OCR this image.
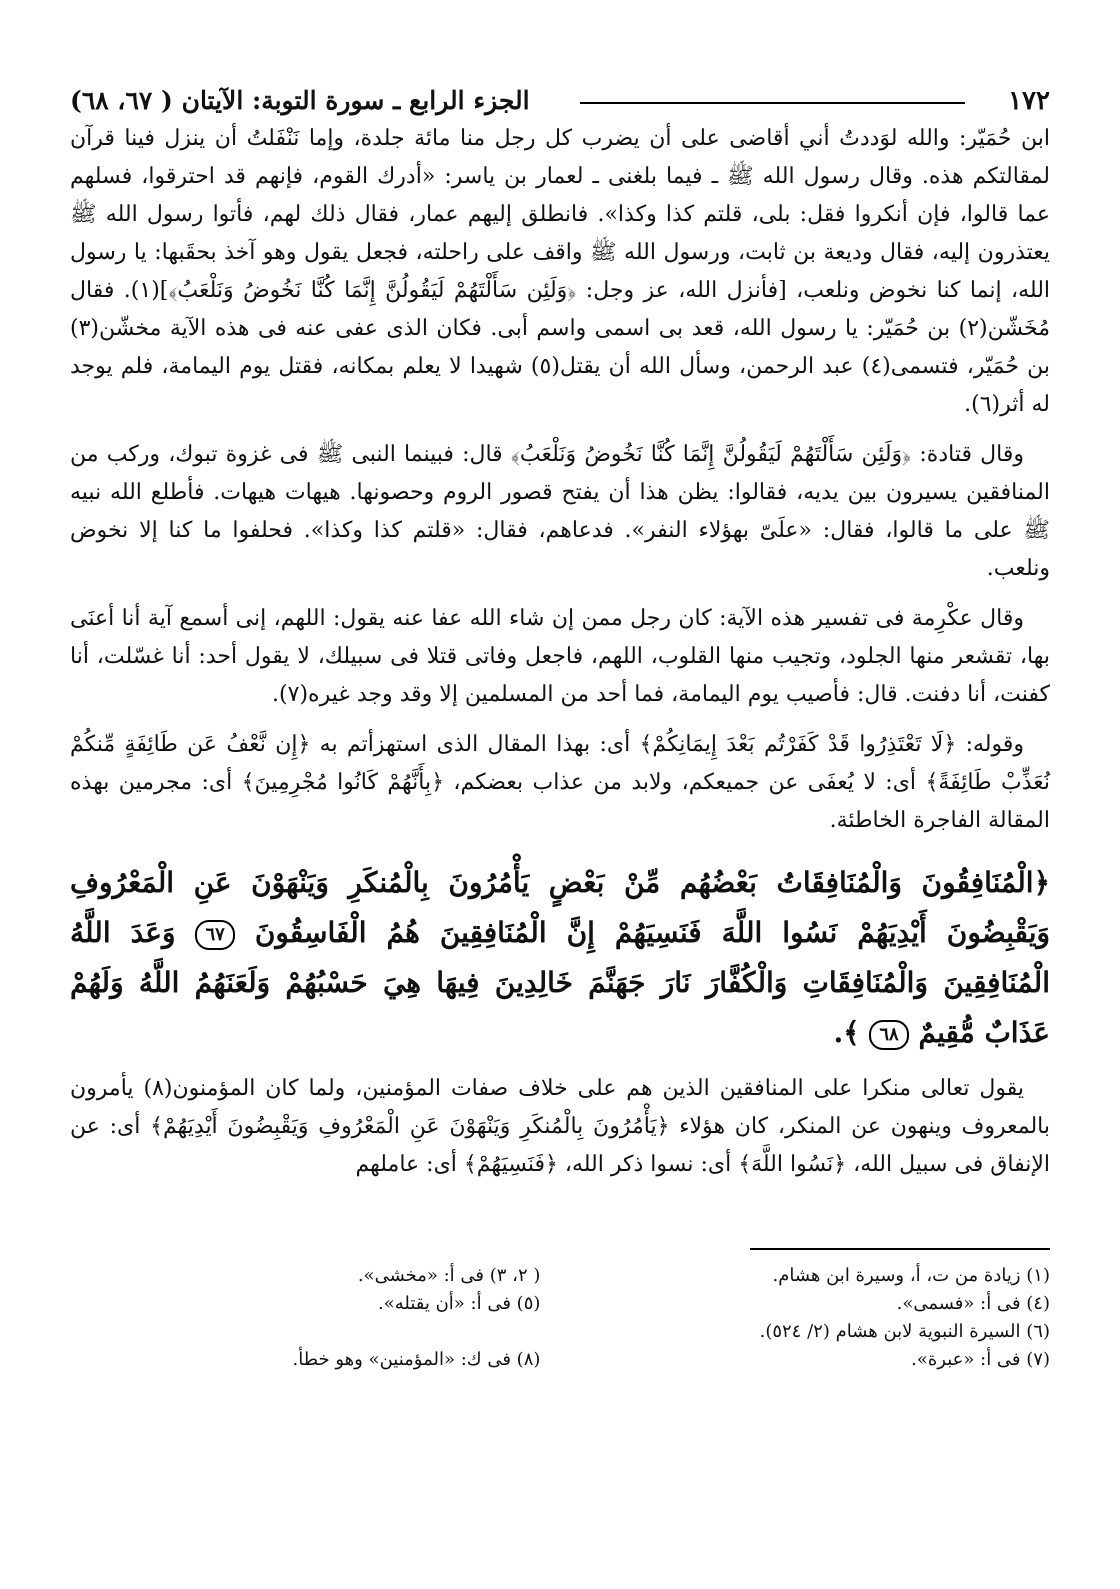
١٧٢
الجزء الرابع ـ سورة التوبة: الآيتان ( ٦٧، ٦٨)

ابن حُمَيّر: والله لوَددتُ أني أقاضى على أن يضرب كل رجل منا مائة جلدة، وإما نَنْفَلتُ أن ينزل فينا قرآن لمقالتكم هذه. وقال رسول الله ﷺ ـ فيما بلغنى ـ لعمار بن ياسر: «أدرك القوم، فإنهم قد احترقوا، فسلهم عما قالوا، فإن أنكروا فقل: بلى، قلتم كذا وكذا». فانطلق إليهم عمار، فقال ذلك لهم، فأتوا رسول الله ﷺ يعتذرون إليه، فقال وديعة بن ثابت، ورسول الله ﷺ واقف على راحلته، فجعل يقول وهو آخذ بحقَبها: يا رسول الله، إنما كنا نخوض ونلعب، [فأنزل الله، عز وجل: ﴿وَلَئِن سَأَلْتَهُمْ لَيَقُولُنَّ إِنَّمَا كُنَّا نَخُوضُ وَنَلْعَبُ﴾](١). فقال مُخَشّن(٢) بن حُمَيّر: يا رسول الله، قعد بى اسمى واسم أبى. فكان الذى عفى عنه فى هذه الآية مخشّن(٣) بن حُمَيّر، فتسمى(٤) عبد الرحمن، وسأل الله أن يقتل(٥) شهيدا لا يعلم بمكانه، فقتل يوم اليمامة، فلم يوجد له أثر(٦).

وقال قتادة: ﴿وَلَئِن سَأَلْتَهُمْ لَيَقُولُنَّ إِنَّمَا كُنَّا نَخُوضُ وَنَلْعَبُ﴾ قال: فبينما النبى ﷺ فى غزوة تبوك، وركب من المنافقين يسيرون بين يديه، فقالوا: يظن هذا أن يفتح قصور الروم وحصونها. هيهات هيهات. فأطلع الله نبيه ﷺ على ما قالوا، فقال: «علَىّ بهؤلاء النفر». فدعاهم، فقال: «قلتم كذا وكذا». فحلفوا ما كنا إلا نخوض ونلعب.

وقال عكْرِمة فى تفسير هذه الآية: كان رجل ممن إن شاء الله عفا عنه يقول: اللهم، إنى أسمع آية أنا أعنَى بها، تقشعر منها الجلود، وتجيب منها القلوب، اللهم، فاجعل وفاتى قتلا فى سبيلك، لا يقول أحد: أنا غسّلت، أنا كفنت، أنا دفنت. قال: فأصيب يوم اليمامة، فما أحد من المسلمين إلا وقد وجد غيره(٧).

وقوله: ﴿لَا تَعْتَذِرُوا قَدْ كَفَرْتُم بَعْدَ إِيمَانِكُمْ﴾ أى: بهذا المقال الذى استهزأتم به ﴿إِن نَّعْفُ عَن طَائِفَةٍ مِّنكُمْ نُعَذِّبْ طَائِفَةً﴾ أى: لا يُعفَى عن جميعكم، ولابد من عذاب بعضكم، ﴿بِأَنَّهُمْ كَانُوا مُجْرِمِينَ﴾ أى: مجرمين بهذه المقالة الفاجرة الخاطئة.

﴿الْمُنَافِقُونَ وَالْمُنَافِقَاتُ بَعْضُهُم مِّنْ بَعْضٍ يَأْمُرُونَ بِالْمُنكَرِ وَيَنْهَوْنَ عَنِ الْمَعْرُوفِ وَيَقْبِضُونَ أَيْدِيَهُمْ نَسُوا اللَّهَ فَنَسِيَهُمْ إِنَّ الْمُنَافِقِينَ هُمُ الْفَاسِقُونَ ٦٧ وَعَدَ اللَّهُ الْمُنَافِقِينَ وَالْمُنَافِقَاتِ وَالْكُفَّارَ نَارَ جَهَنَّمَ خَالِدِينَ فِيهَا هِيَ حَسْبُهُمْ وَلَعَنَهُمُ اللَّهُ وَلَهُمْ عَذَابٌ مُّقِيمٌ ٦٨ ﴾.

يقول تعالى منكرا على المنافقين الذين هم على خلاف صفات المؤمنين، ولما كان المؤمنون(٨) يأمرون بالمعروف وينهون عن المنكر، كان هؤلاء ﴿يَأْمُرُونَ بِالْمُنكَرِ وَيَنْهَوْنَ عَنِ الْمَعْرُوفِ وَيَقْبِضُونَ أَيْدِيَهُمْ﴾ أى: عن الإنفاق فى سبيل الله، ﴿نَسُوا اللَّهَ﴾ أى: نسوا ذكر الله، ﴿فَنَسِيَهُمْ﴾ أى: عاملهم

(١) زيادة من ت، أ، وسيرة ابن هشام.
( ٢، ٣) فى أ: «مخشى».
(٤) فى أ: «فسمى».
(٥) فى أ: «أن يقتله».
(٦) السيرة النبوية لابن هشام (٢/ ٥٢٤).
(٧) فى أ: «عبرة».
(٨) فى ك: «المؤمنين» وهو خطأ.
